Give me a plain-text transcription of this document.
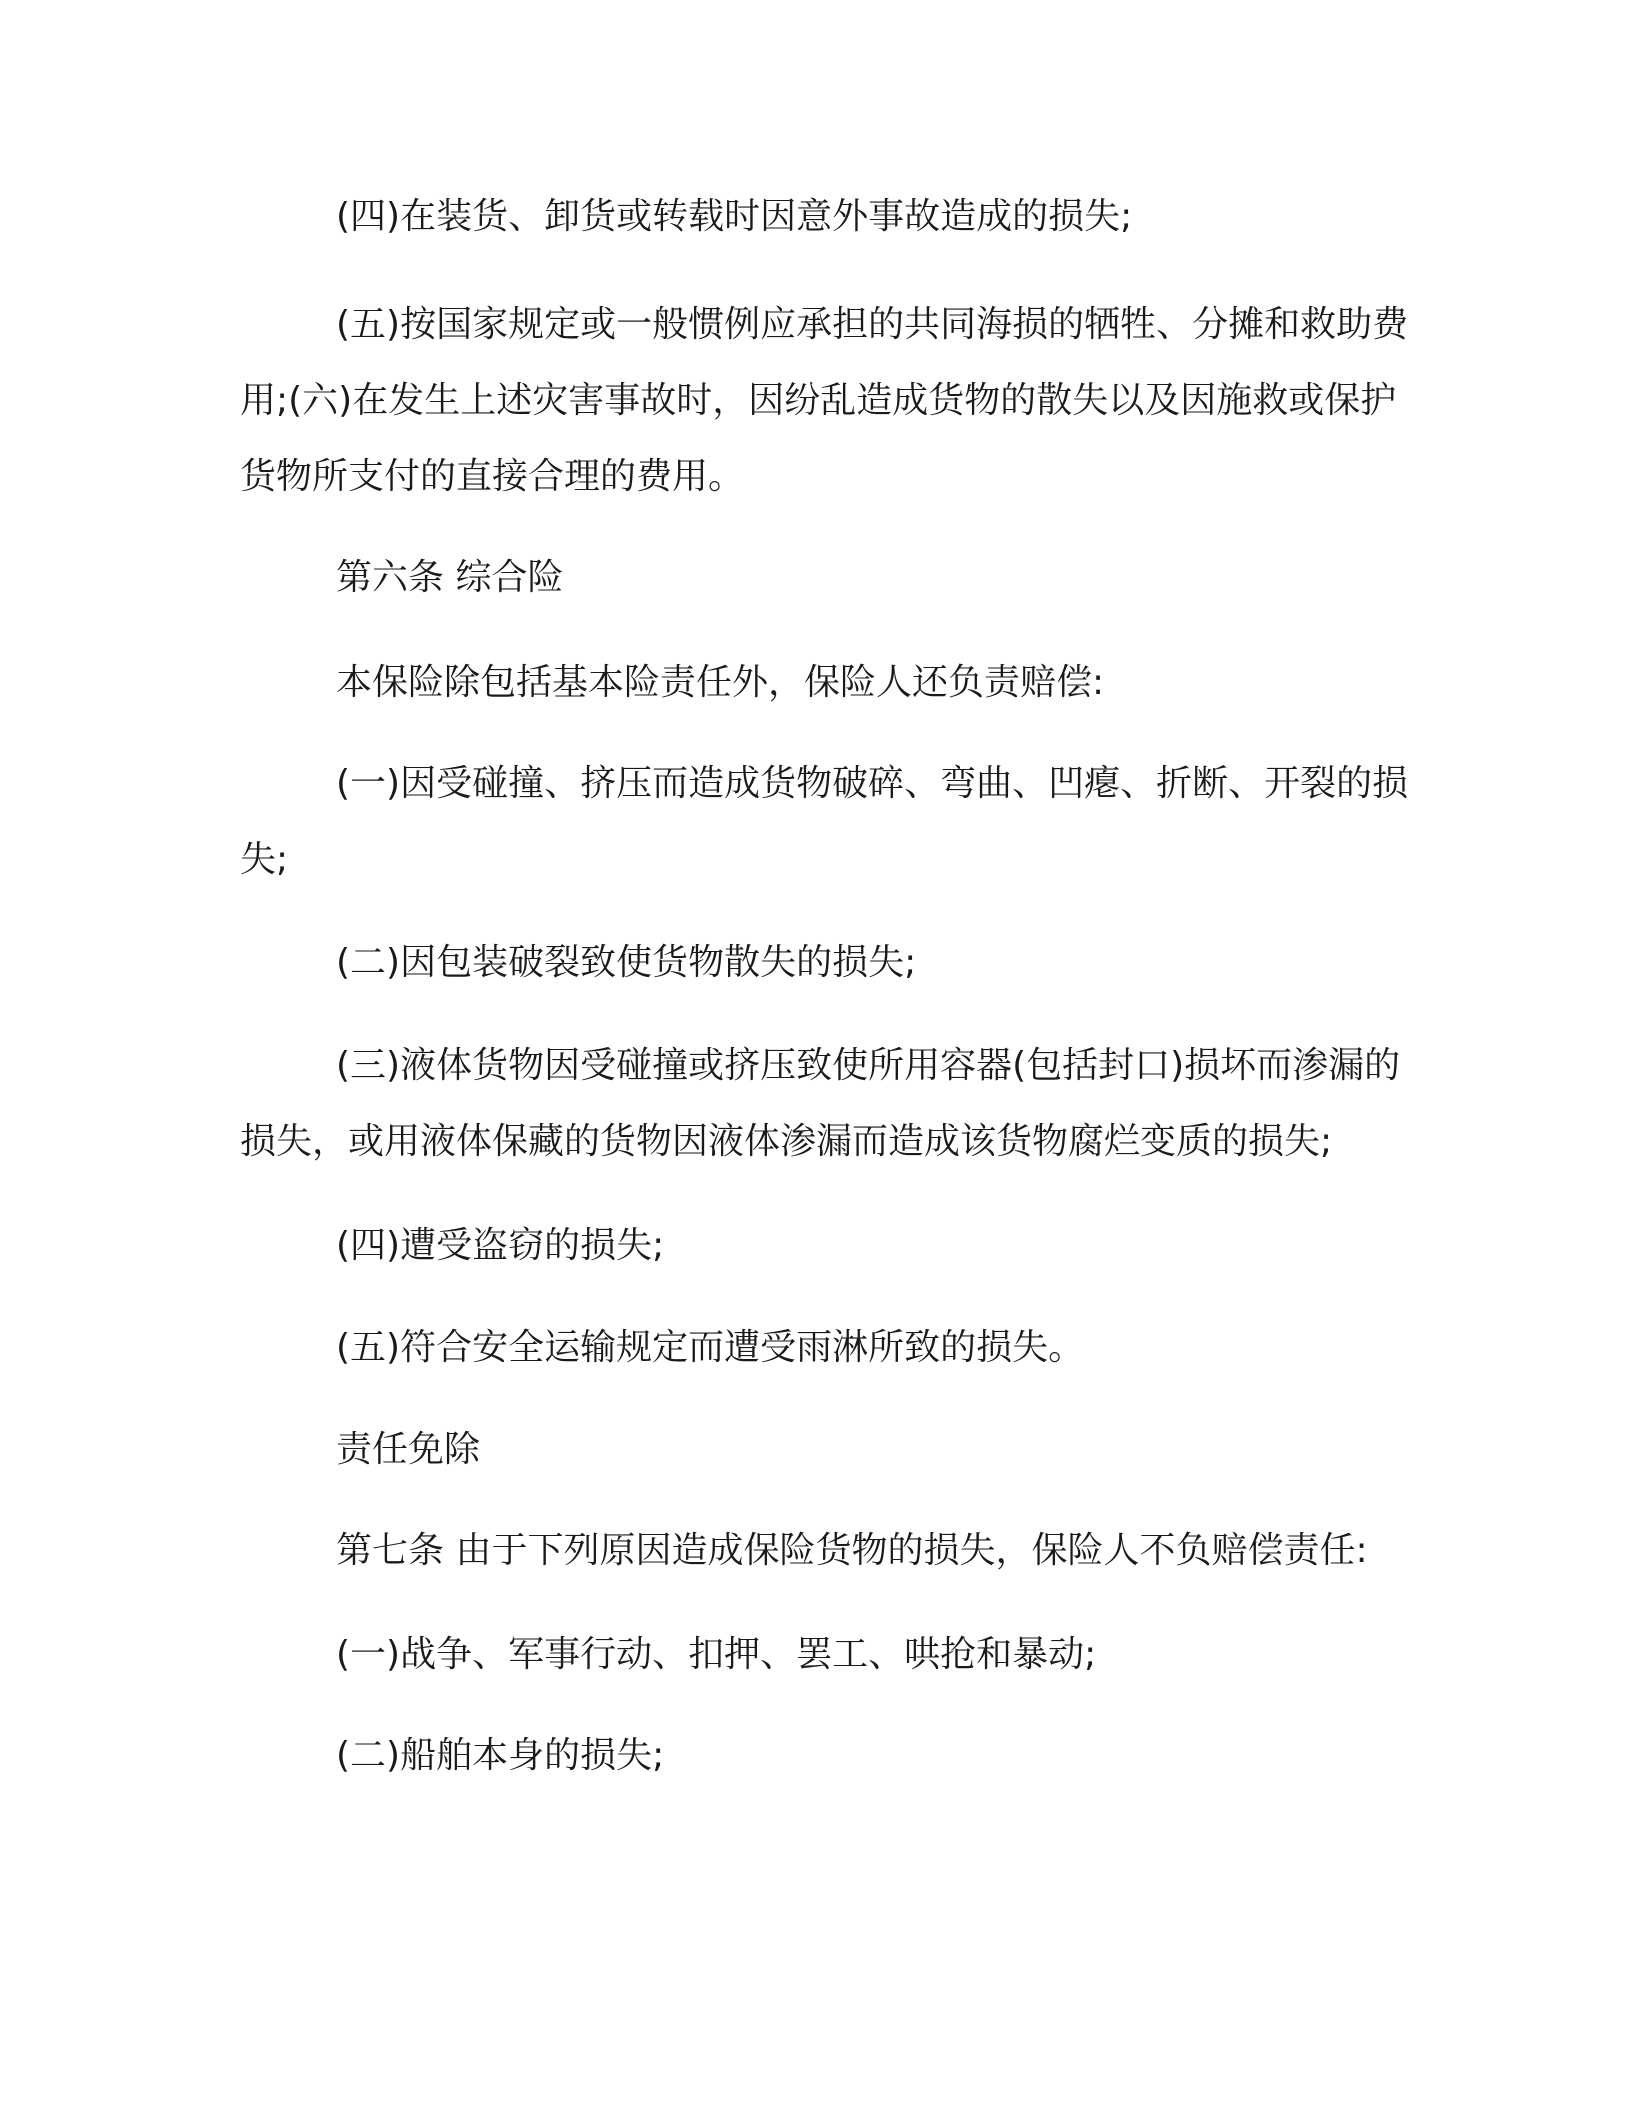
(四)在装货、卸货或转载时因意外事故造成的损失;

(五)按国家规定或一般惯例应承担的共同海损的牺牲、分摊和救助费用;(六)在发生上述灾害事故时，因纷乱造成货物的散失以及因施救或保护货物所支付的直接合理的费用。

第六条 综合险

本保险除包括基本险责任外，保险人还负责赔偿:

(一)因受碰撞、挤压而造成货物破碎、弯曲、凹瘪、折断、开裂的损失;

(二)因包装破裂致使货物散失的损失;

(三)液体货物因受碰撞或挤压致使所用容器(包括封口)损坏而渗漏的损失，或用液体保藏的货物因液体渗漏而造成该货物腐烂变质的损失;

(四)遭受盗窃的损失;

(五)符合安全运输规定而遭受雨淋所致的损失。

责任免除

第七条 由于下列原因造成保险货物的损失，保险人不负赔偿责任:

(一)战争、军事行动、扣押、罢工、哄抢和暴动;

(二)船舶本身的损失;
